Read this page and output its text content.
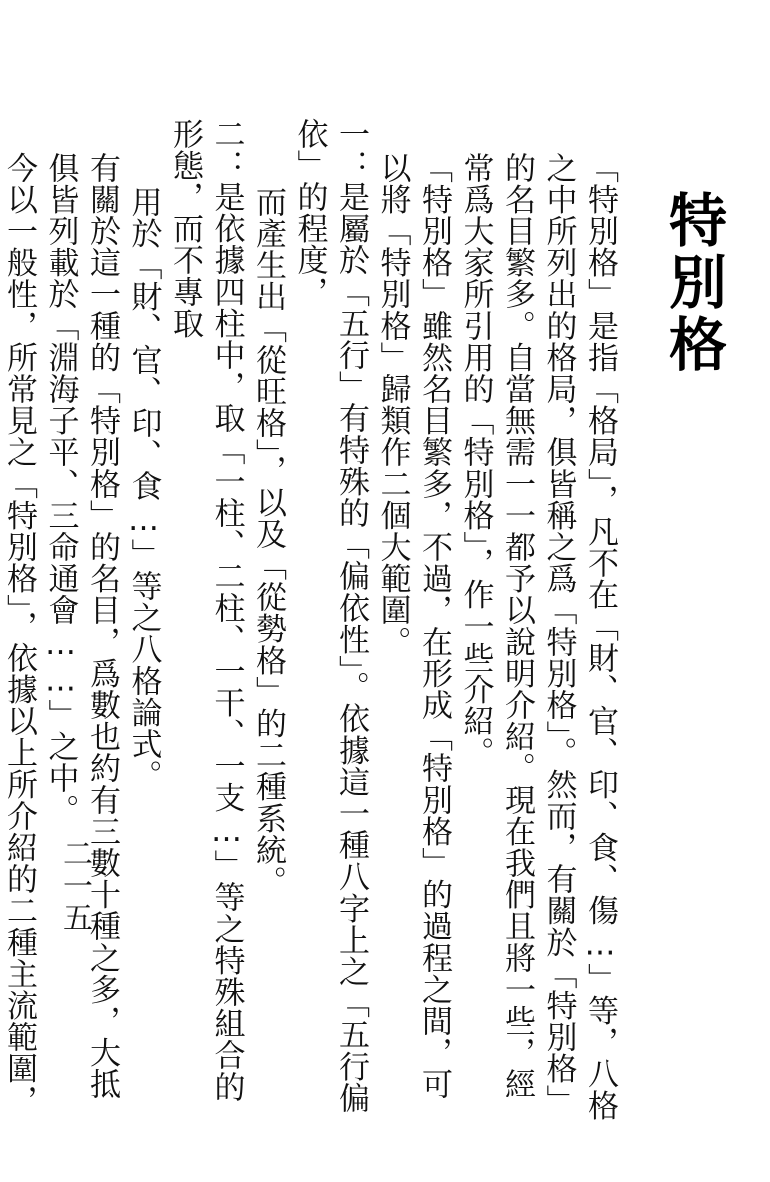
特別格

「特別格」是指「格局」，凡不在「財、官、印、食、傷…」等，八格之中所列出的格局，俱皆稱之爲「特別格」。然而，有關於「特別格」的名目繁多。自當無需一一都予以說明介紹。現在我們且將一些，經常爲大家所引用的「特別格」，作一些介紹。

「特別格」雖然名目繁多，不過，在形成「特別格」的過程之間，可以將「特別格」歸類作二個大範圍。

一：是屬於「五行」有特殊的「偏依性」。依據這一種八字上之「五行偏依」的程度，
而產生出「從旺格」，以及「從勢格」的二種系統。
二：是依據四柱中，取「一柱、二柱、一干、一支…」等之特殊組合的形態，而不專取
用於「財、官、印、食…」等之八格論式。

有關於這一種的「特別格」的名目，爲數也約有三數十種之多，大抵俱皆列載於「淵海子平、三命通會……」之中。

今以一般性，所常見之「特別格」，依據以上所介紹的二種主流範圍，

二一五
